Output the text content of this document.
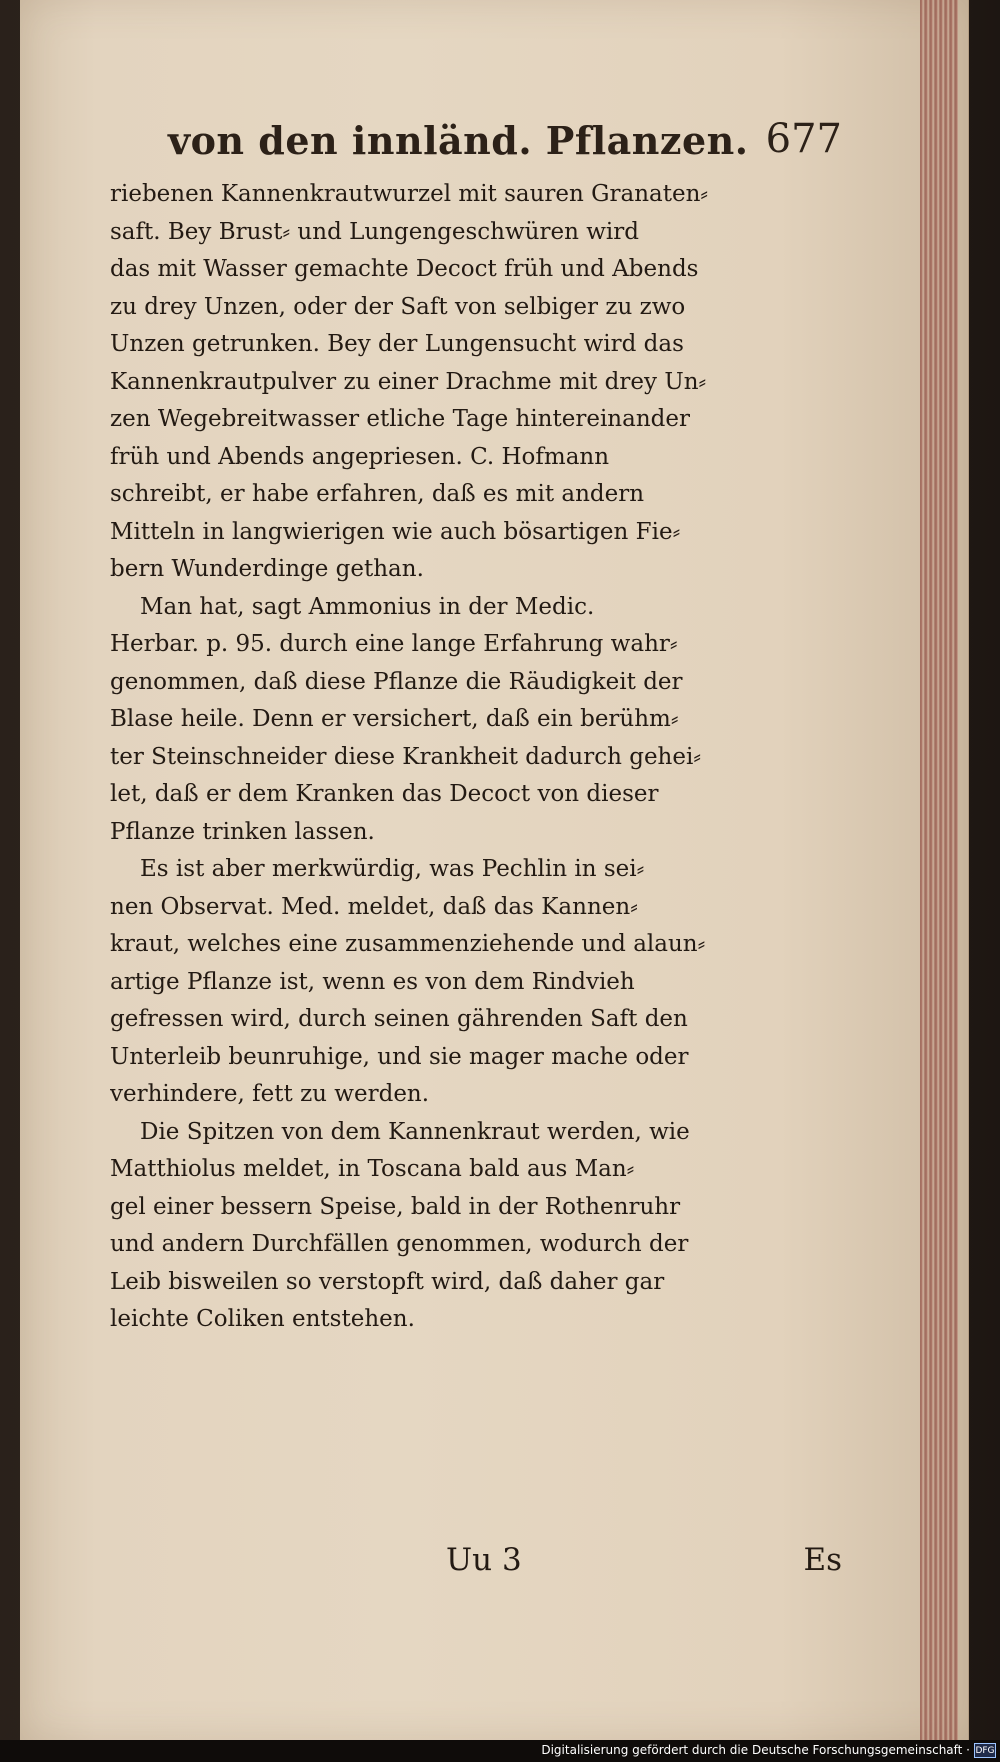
von den innländ. Pflanzen. 677
riebenen Kannenkrautwurzel mit sauren Granaten⸗
saft. Bey Brust⸗ und Lungengeschwüren wird
das mit Wasser gemachte Decoct früh und Abends
zu drey Unzen, oder der Saft von selbiger zu zwo
Unzen getrunken. Bey der Lungensucht wird das
Kannenkrautpulver zu einer Drachme mit drey Un⸗
zen Wegebreitwasser etliche Tage hintereinander
früh und Abends angepriesen. C. Hofmann
schreibt, er habe erfahren, daß es mit andern
Mitteln in langwierigen wie auch bösartigen Fie⸗
bern Wunderdinge gethan.
Man hat, sagt Ammonius in der Medic.
Herbar. p. 95. durch eine lange Erfahrung wahr⸗
genommen, daß diese Pflanze die Räudigkeit der
Blase heile. Denn er versichert, daß ein berühm⸗
ter Steinschneider diese Krankheit dadurch gehei⸗
let, daß er dem Kranken das Decoct von dieser
Pflanze trinken lassen.
Es ist aber merkwürdig, was Pechlin in sei⸗
nen Observat. Med. meldet, daß das Kannen⸗
kraut, welches eine zusammenziehende und alaun⸗
artige Pflanze ist, wenn es von dem Rindvieh
gefressen wird, durch seinen gährenden Saft den
Unterleib beunruhige, und sie mager mache oder
verhindere, fett zu werden.
Die Spitzen von dem Kannenkraut werden, wie
Matthiolus meldet, in Toscana bald aus Man⸗
gel einer bessern Speise, bald in der Rothenruhr
und andern Durchfällen genommen, wodurch der
Leib bisweilen so verstopft wird, daß daher gar
leichte Coliken entstehen.
Uu 3	Es
Digitalisierung gefördert durch die Deutsche Forschungsgemeinschaft · DFG
